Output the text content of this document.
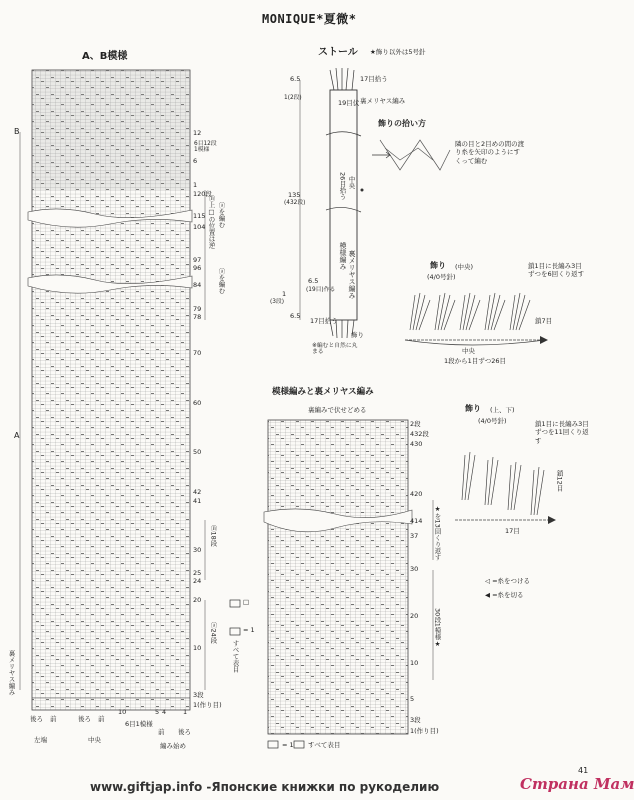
MONIQUE*夏微*
A、B模様
B
A
12
6目12段
1模様
6
1
120段
115
104
97
96
84
79
78
70
60
50
42
41
30
25
24
20
10
3段
1(作り目)
Ⓑ上□の位置は逆 ⓐを編む
ⓐを編む
Ⓑ18段
ⓐ24段
裏メリヤス編み
□
= 1
すべて表目
後ろ 前	後ろ 前
10	5 4	1
6目1模様
前 後ろ
左端	中央
編み始め
ストール ★飾り以外は5号針
17目拾う
19目伏 裏メリヤス編み
6.5
1(2段)
135
(432段)
6.5
(19目)作る
1
(3段)
6.5
模様編み 裏メリヤス編み
26目拾う 中央
飾り
17目拾う
※編むと自然に丸まる
飾りの拾い方
隣の目と2目めの間の渡り糸を矢印のようにすくって編む
飾り (中央)
(4/0号針)
鎖1目に長編み3目ずつを6回くり返す
鎖7目
中央
1段から1目ずつ26目
模様編みと裏メリヤス編み
裏編みで伏せどめる
2段
432段
430
420
414
37
30
20
10
5
3段
1(作り目)
★を13回くり返す
30段1模様★
= 1 すべて表目
飾り (上、下)
(4/0号針)	鎖1目に長編み3目ずつを11回くり返す
鎖12目
17目
◁ =糸をつける
◀ =糸を切る
41
www.giftjap.info -Японские книжки по рукоделию	Страна Мам
